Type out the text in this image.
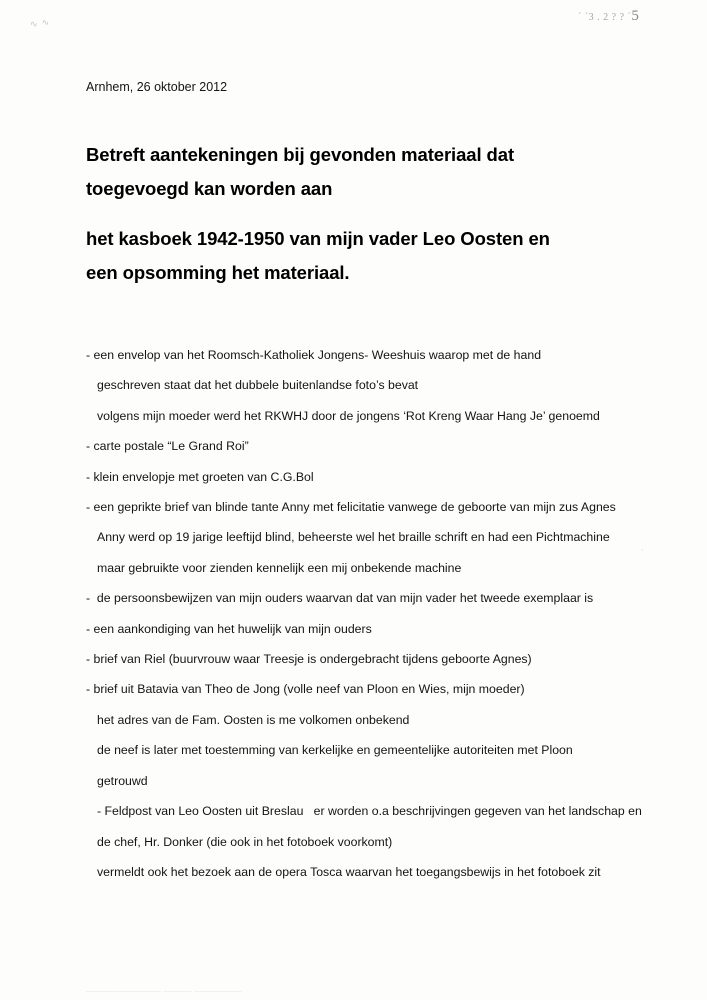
∿ ∿	´ ´3 . 2 ? ? ´5
·
Arnhem, 26 oktober 2012
Betreft aantekeningen bij gevonden materiaal dat
toegevoegd kan worden aan
het kasboek 1942-1950 van mijn vader Leo Oosten en
een opsomming het materiaal.
- een envelop van het Roomsch-Katholiek Jongens- Weeshuis waarop met de hand
geschreven staat dat het dubbele buitenlandse foto’s bevat
volgens mijn moeder werd het RKWHJ door de jongens ‘Rot Kreng Waar Hang Je’ genoemd
- carte postale “Le Grand Roi”
- klein envelopje met groeten van C.G.Bol
- een geprikte brief van blinde tante Anny met felicitatie vanwege de geboorte van mijn zus Agnes
Anny werd op 19 jarige leeftijd blind, beheerste wel het braille schrift en had een Pichtmachine
maar gebruikte voor zienden kennelijk een mij onbekende machine
-  de persoonsbewijzen van mijn ouders waarvan dat van mijn vader het tweede exemplaar is
- een aankondiging van het huwelijk van mijn ouders
- brief van Riel (buurvrouw waar Treesje is ondergebracht tijdens geboorte Agnes)
- brief uit Batavia van Theo de Jong (volle neef van Ploon en Wies, mijn moeder)
het adres van de Fam. Oosten is me volkomen onbekend
de neef is later met toestemming van kerkelijke en gemeentelijke autoriteiten met Ploon
getrouwd
- Feldpost van Leo Oosten uit Breslau   er worden o.a beschrijvingen gegeven van het landschap en
de chef, Hr. Donker (die ook in het fotoboek voorkomt)
vermeldt ook het bezoek aan de opera Tosca waarvan het toegangsbewijs in het fotoboek zit
———————— ——— —————
